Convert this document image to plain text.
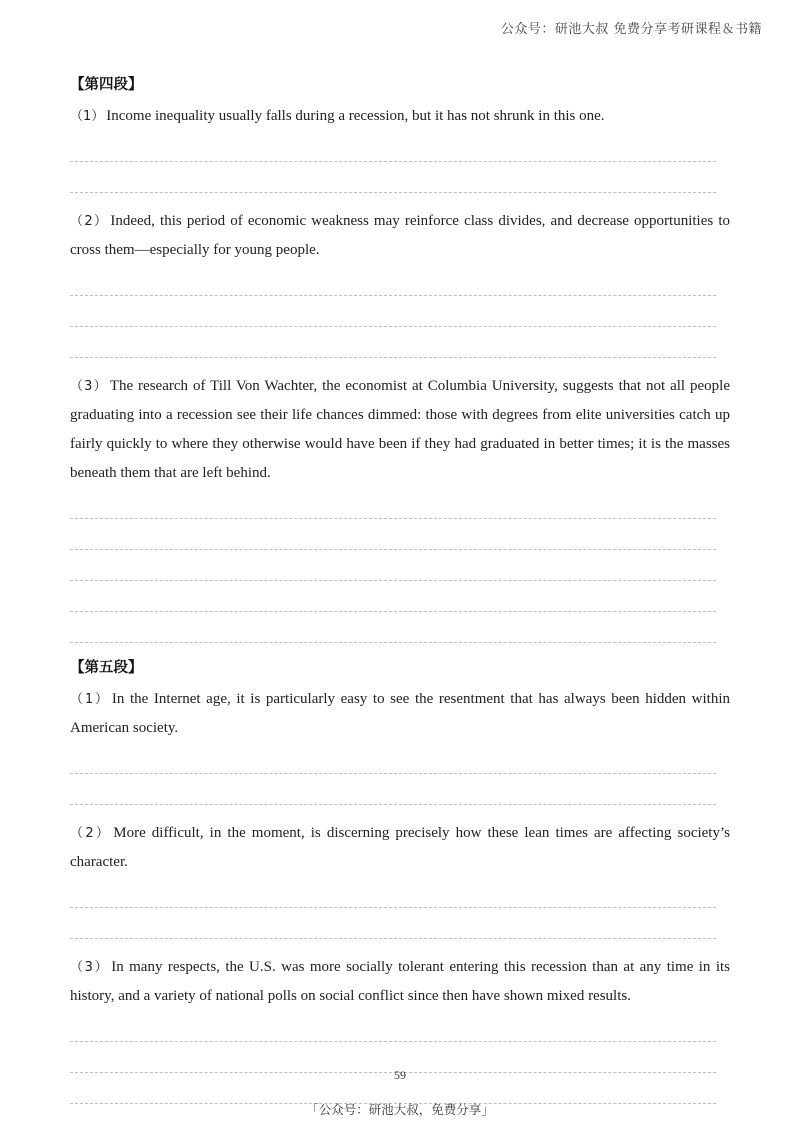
公众号：研池大叔 免费分享考研课程＆书籍
【第四段】

（1） Income inequality usually falls during a recession, but it has not shrunk in this one.

（2） Indeed, this period of economic weakness may reinforce class divides, and decrease opportunities to cross them—especially for young people.

（3） The research of Till Von Wachter, the economist at Columbia University, suggests that not all people graduating into a recession see their life chances dimmed: those with degrees from elite universities catch up fairly quickly to where they otherwise would have been if they had graduated in better times; it is the masses beneath them that are left behind.

【第五段】

（1） In the Internet age, it is particularly easy to see the resentment that has always been hidden within American society.

（2） More difficult, in the moment, is discerning precisely how these lean times are affecting society’s character.

（3） In many respects, the U.S. was more socially tolerant entering this recession than at any time in its history, and a variety of national polls on social conflict since then have shown mixed results.

59
「公众号：研池大叔，免费分享」
